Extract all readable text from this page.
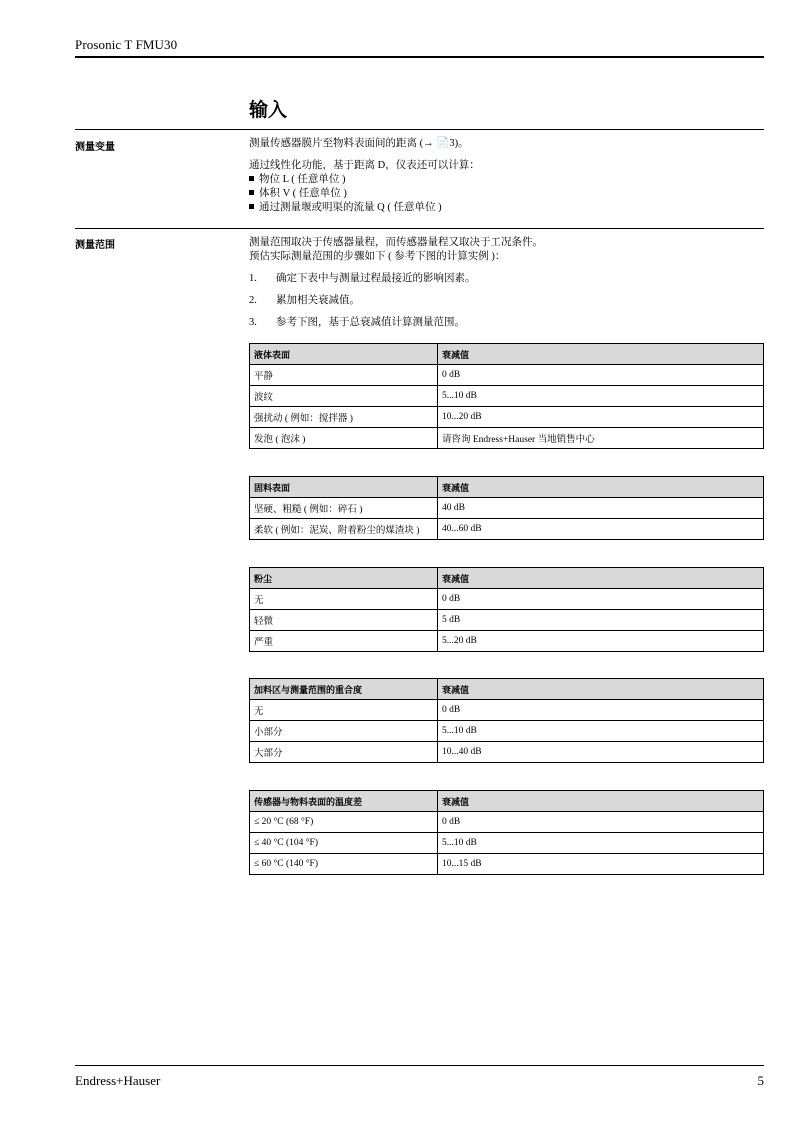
Prosonic T FMU30
输入
测量变量	测量传感器膜片至物料表面间的距离 (→ 📄3)。
通过线性化功能，基于距离 D，仪表还可以计算：
物位 L ( 任意单位 )
体积 V ( 任意单位 )
通过测量堰或明渠的流量 Q ( 任意单位 )
测量范围	测量范围取决于传感器量程，而传感器量程又取决于工况条件。
预估实际测量范围的步骤如下 ( 参考下图的计算实例 )：
1. 确定下表中与测量过程最接近的影响因素。
2. 累加相关衰减值。
3. 参考下图，基于总衰减值计算测量范围。
液体表面	衰减值
平静	0 dB
波纹	5...10 dB
强扰动 ( 例如：搅拌器 )	10...20 dB
发泡 ( 泡沫 )	请咨询 Endress+Hauser 当地销售中心
固料表面	衰减值
坚硬、粗糙 ( 例如：碎石 )	40 dB
柔软 ( 例如：泥炭、附着粉尘的煤渣块 )	40...60 dB
粉尘	衰减值
无	0 dB
轻微	5 dB
严重	5...20 dB
加料区与测量范围的重合度	衰减值
无	0 dB
小部分	5...10 dB
大部分	10...40 dB
传感器与物料表面的温度差	衰减值
≤ 20 °C (68 °F)	0 dB
≤ 40 °C (104 °F)	5...10 dB
≤ 60 °C (140 °F)	10...15 dB
Endress+Hauser	5
